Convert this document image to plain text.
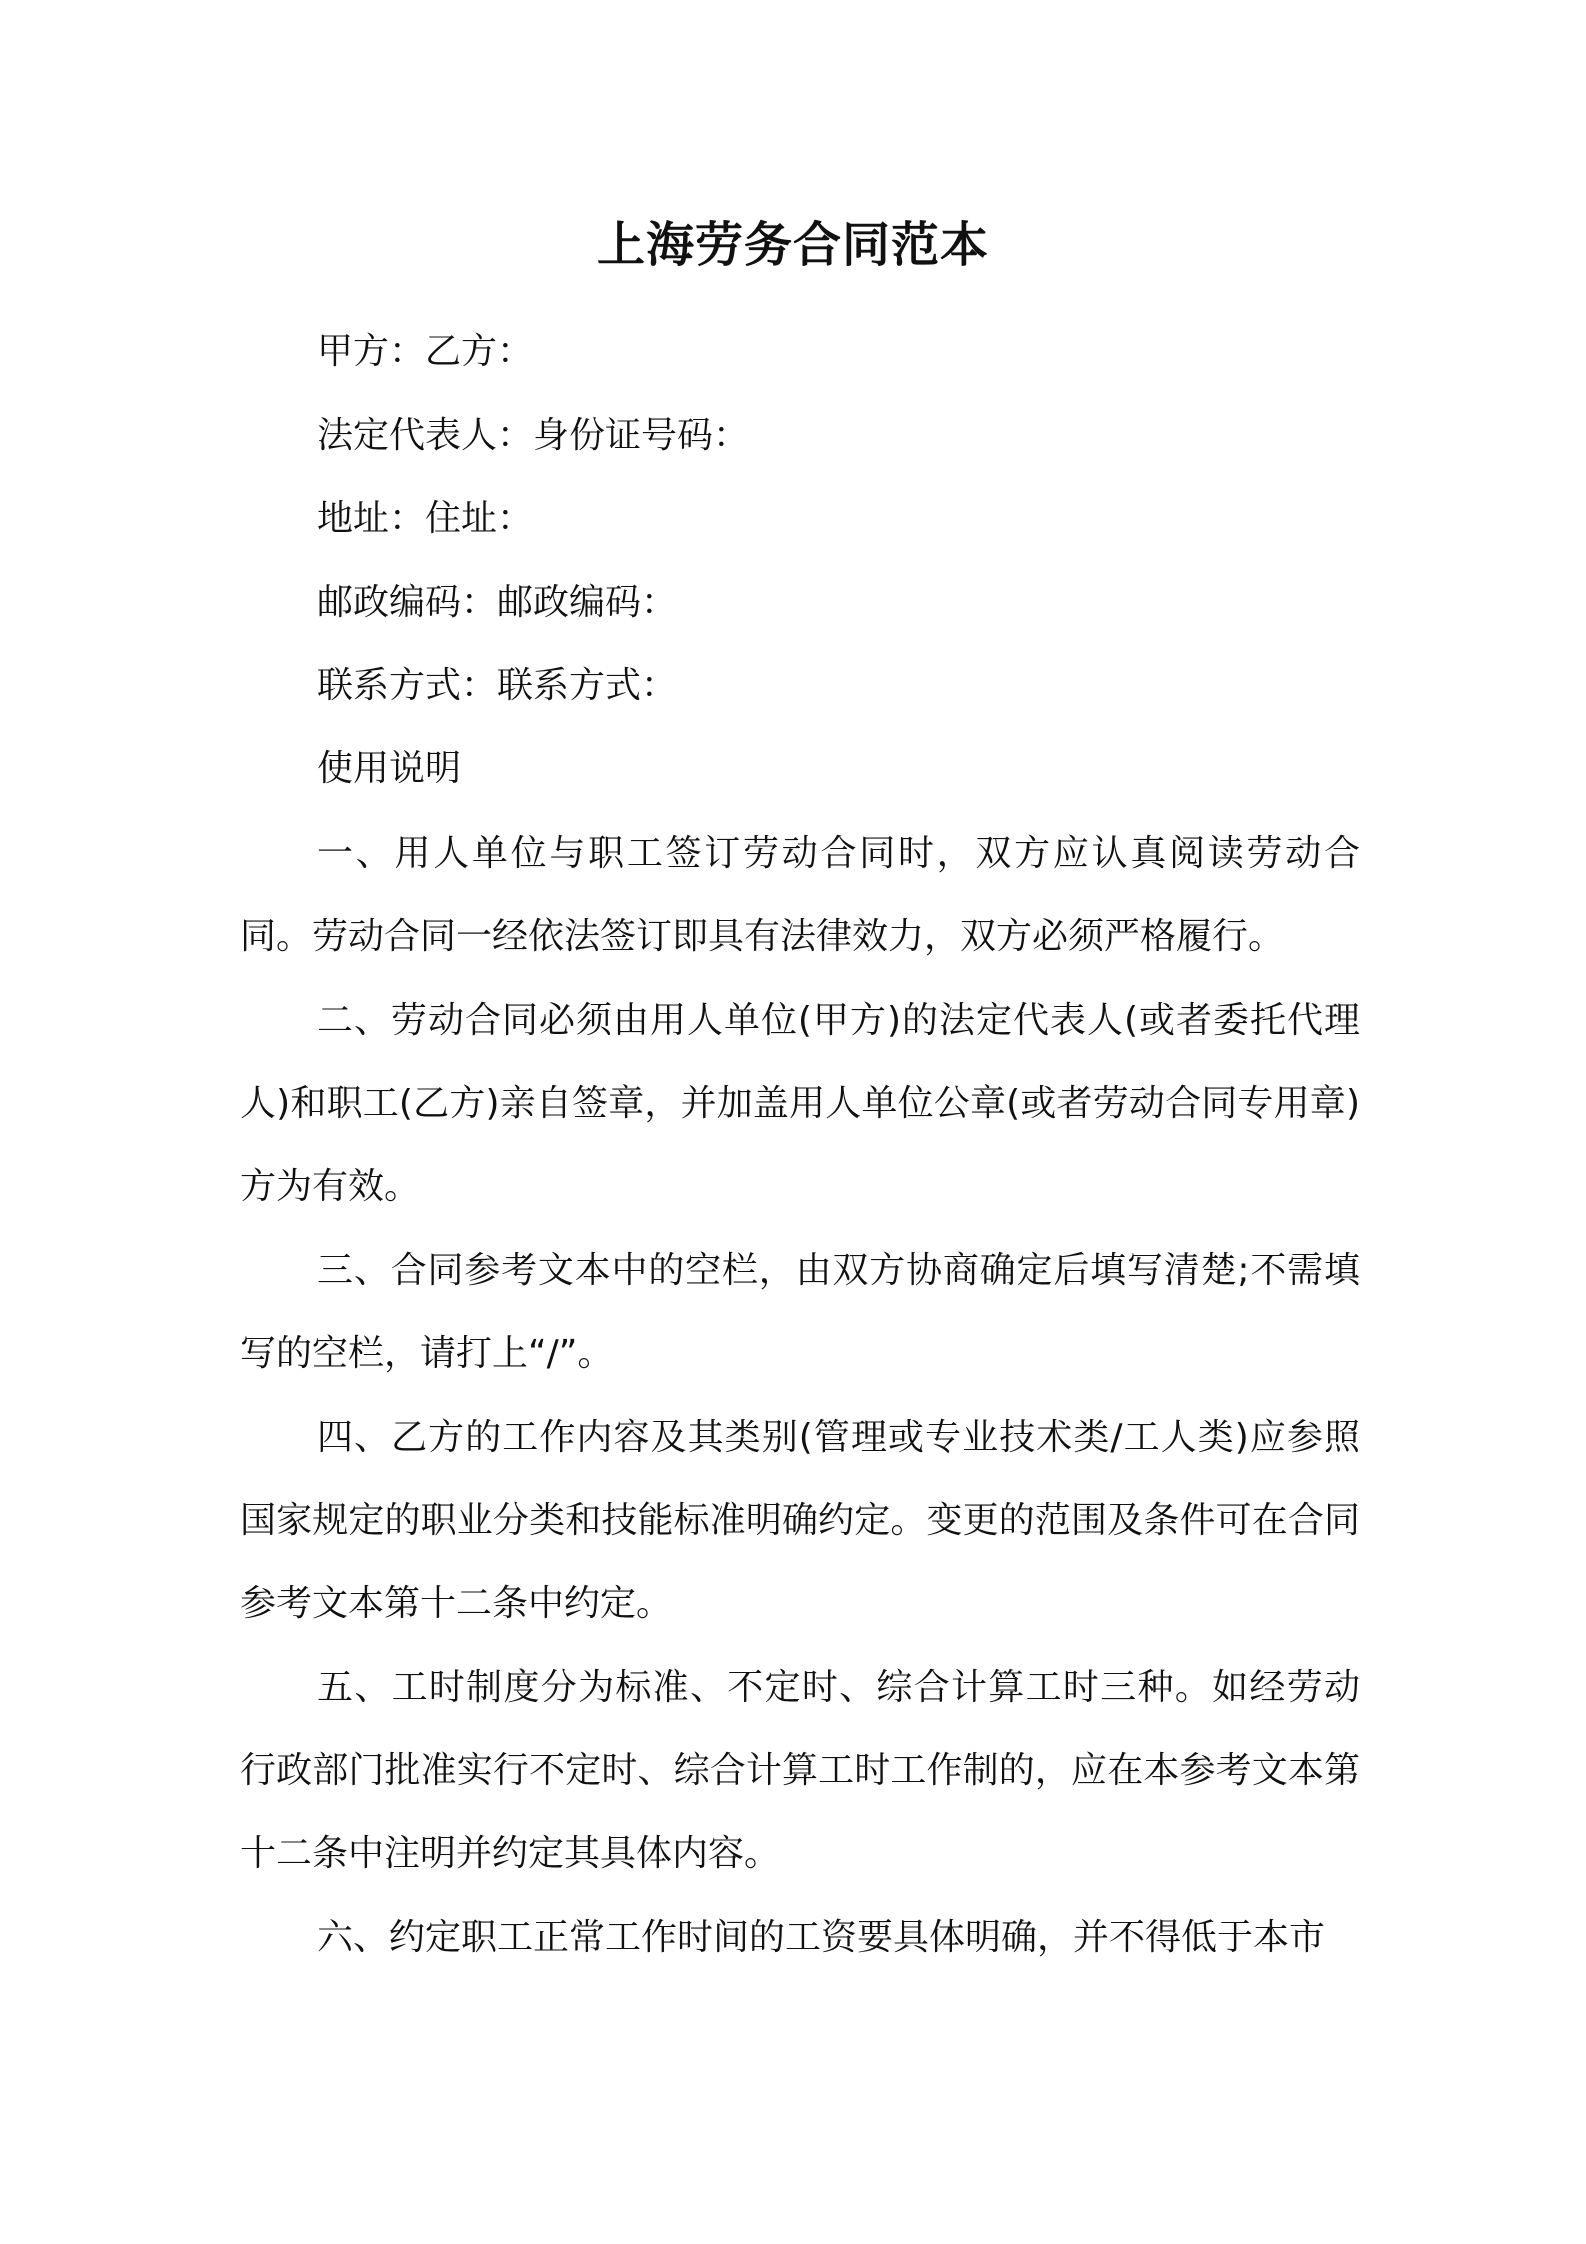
上海劳务合同范本

甲方：乙方：

法定代表人：身份证号码：

地址：住址：

邮政编码：邮政编码：

联系方式：联系方式：

使用说明

一、用人单位与职工签订劳动合同时，双方应认真阅读劳动合同。劳动合同一经依法签订即具有法律效力，双方必须严格履行。

二、劳动合同必须由用人单位(甲方)的法定代表人(或者委托代理人)和职工(乙方)亲自签章，并加盖用人单位公章(或者劳动合同专用章)方为有效。

三、合同参考文本中的空栏，由双方协商确定后填写清楚;不需填写的空栏，请打上“/”。

四、乙方的工作内容及其类别(管理或专业技术类/工人类)应参照国家规定的职业分类和技能标准明确约定。变更的范围及条件可在合同参考文本第十二条中约定。

五、工时制度分为标准、不定时、综合计算工时三种。如经劳动行政部门批准实行不定时、综合计算工时工作制的，应在本参考文本第十二条中注明并约定其具体内容。

六、约定职工正常工作时间的工资要具体明确，并不得低于本市
